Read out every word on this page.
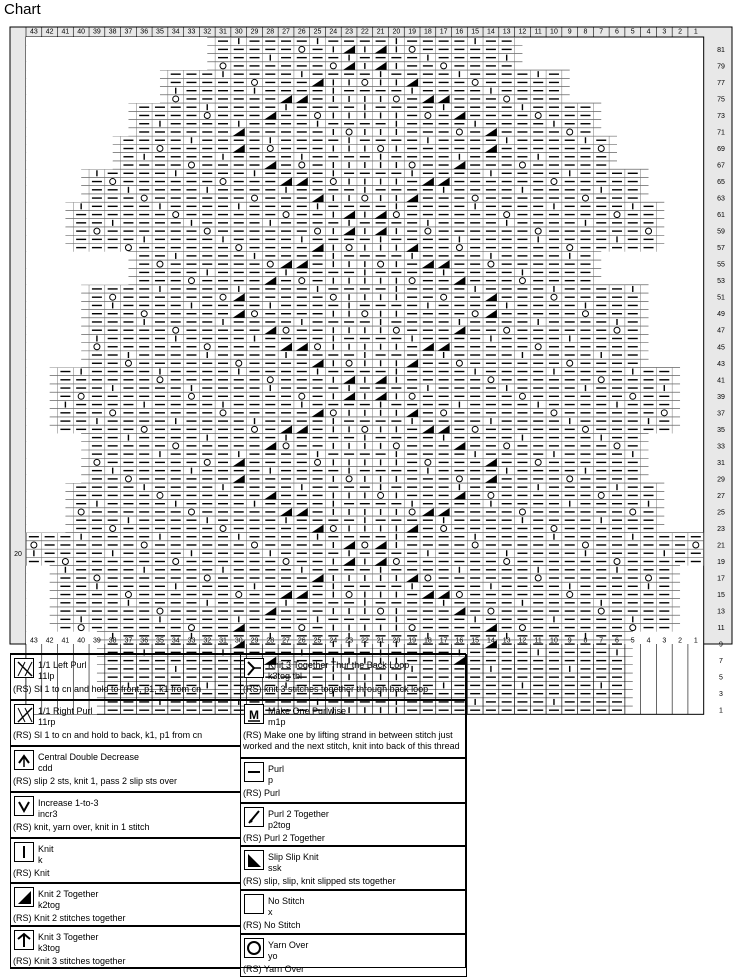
Chart
43
43
42
42
41
41
40
40
39
39
38
38
37
37
36
36
35
35
34
34
33
33
32
32
31
31
30
30
29
29
28
28
27
27
26
26
25
25
24
24
23
23
22
22
21
21
20
20
19
19
18
18
17
17
16
16
15
15
14
14
13
13
12
12
11
11
10
10
9
9
8
8
7
7
6
6
5
5
4
4
3
3
2
2
1
1
81
79
77
75
73
71
69
67
65
63
61
59
57
55
53
51
49
47
45
43
41
39
37
35
33
31
29
27
25
23
21
19
17
15
13
11
9
7
5
3
1
20
1/1 Left Purl
11lp
(RS) Sl 1 to cn and hold to front, p1, k1 from cn
1/1 Right Purl
11rp
(RS) Sl 1 to cn and hold to back, k1, p1 from cn
Central Double Decrease
cdd
(RS) slip 2 sts, knit 1, pass 2 slip sts over
Increase 1-to-3
incr3
(RS) knit, yarn over, knit in 1 stitch
Knit
k
(RS) Knit
Knit 2 Together
k2tog
(RS) Knit 2 stitches together
Knit 3 Together
k3tog
(RS) Knit 3 stitches together
Knit 3 Together Thur the Back Loop
k3tog tbl
(RS) knit 3 stitches together through back loop
M Make One Purlwise
m1p
(RS) Make one by lifting strand in between stitch just worked and the next stitch, knit into back of this thread
Purl
p
(RS) Purl
Purl 2 Together
p2tog
(RS) Purl 2 Together
Slip Slip Knit
ssk
(RS) slip, slip, knit slipped sts together
No Stitch
x
(RS) No Stitch
Yarn Over
yo
(RS) Yarn Over
